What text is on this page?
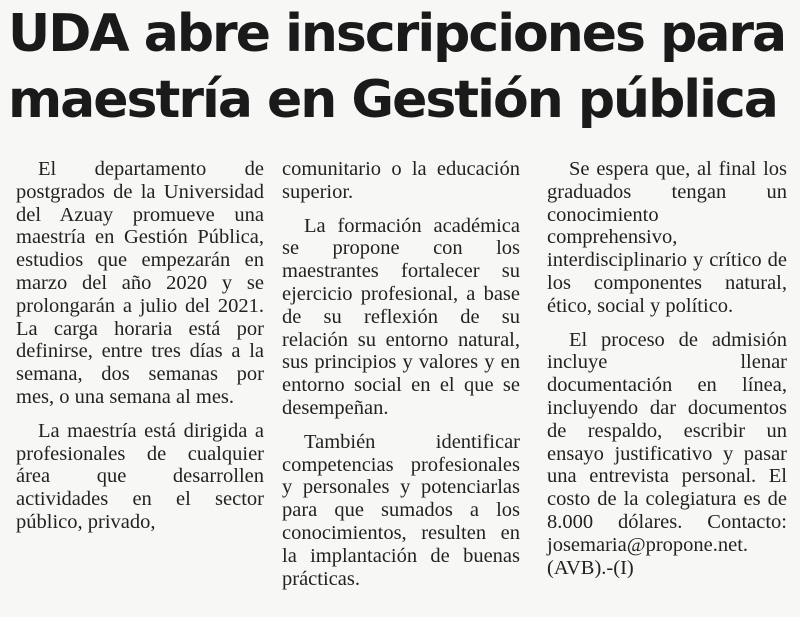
UDA abre inscripciones para
maestría en Gestión pública

El departamento de postgrados de la Universidad del Azuay promueve una maestría en Gestión Pública, estudios que empezarán en marzo del año 2020 y se prolongarán a julio del 2021. La carga horaria está por definirse, entre tres días a la semana, dos semanas por mes, o una semana al mes.

La maestría está dirigida a profesionales de cualquier área que desarrollen actividades en el sector público, privado,

comunitario o la educación superior.

La formación académica se propone con los maestrantes fortalecer su ejercicio profesional, a base de su reflexión de su relación su entorno natural, sus principios y valores y en entorno social en el que se desempeñan.

También identificar competencias profesionales y personales y potenciarlas para que sumados a los conocimientos, resulten en la implantación de buenas prácticas.

Se espera que, al final los graduados tengan un conocimiento comprehensivo, interdisciplinario y crítico de los componentes natural, ético, social y político.

El proceso de admisión incluye llenar documentación en línea, incluyendo dar documentos de respaldo, escribir un ensayo justificativo y pasar una entrevista personal. El costo de la colegiatura es de 8.000 dólares. Contacto: josemaria@propone.net.(AVB).-(I)
